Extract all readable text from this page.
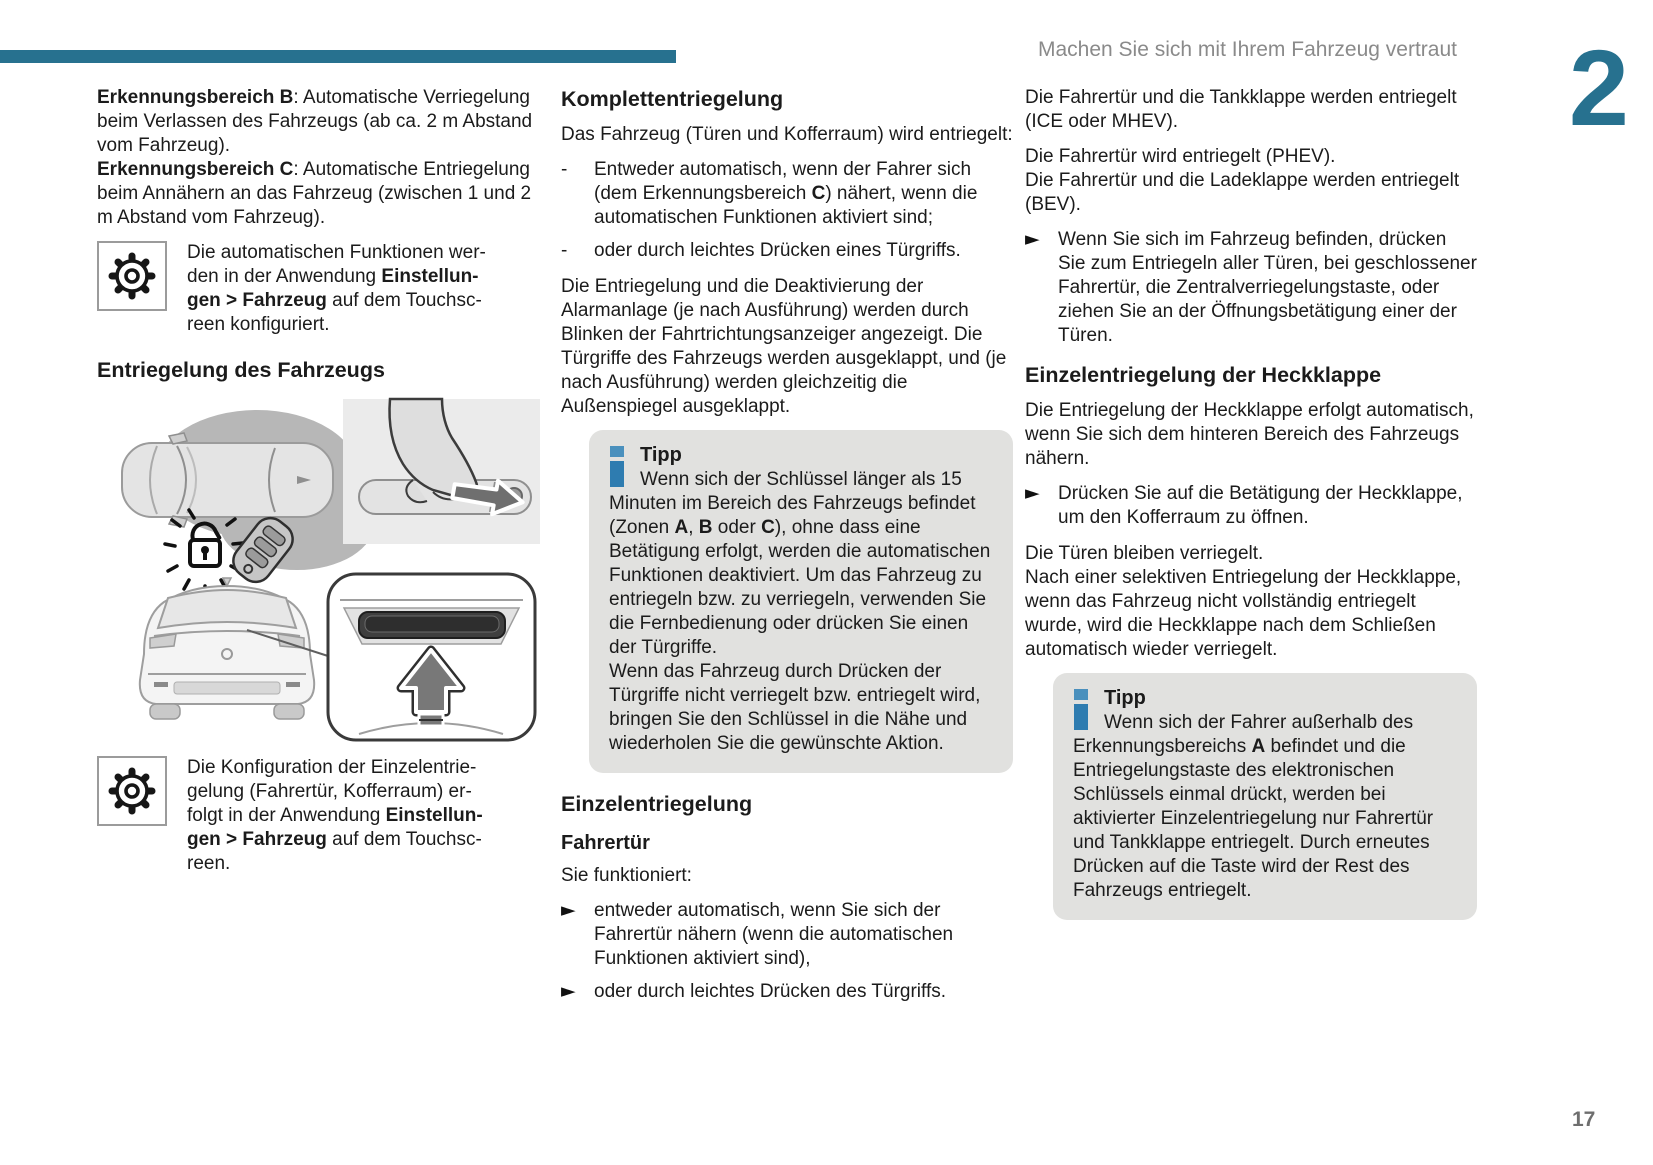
Machen Sie sich mit Ihrem Fahrzeug vertraut 2
17
Erkennungsbereich B: Automatische Verriegelung beim Verlassen des Fahrzeugs (ab ca. 2 m Abstand vom Fahrzeug).
Erkennungsbereich C: Automatische Entriegelung beim Annähern an das Fahrzeug (zwischen 1 und 2 m Abstand vom Fahrzeug).
Die automatischen Funktionen wer-
den in der Anwendung Einstellun-
gen > Fahrzeug auf dem Touchsc-
reen konfiguriert.
Entriegelung des Fahrzeugs
Die Konfiguration der Einzelentrie-
gelung (Fahrertür, Kofferraum) er-
folgt in der Anwendung Einstellun-
gen > Fahrzeug auf dem Touchsc-
reen.
Komplettentriegelung
Das Fahrzeug (Türen und Kofferraum) wird entriegelt:
-	Entweder automatisch, wenn der Fahrer sich (dem Erkennungsbereich C) nähert, wenn die automatischen Funktionen aktiviert sind;
-	oder durch leichtes Drücken eines Türgriffs.
Die Entriegelung und die Deaktivierung der Alarmanlage (je nach Ausführung) werden durch Blinken der Fahrtrichtungsanzeiger angezeigt. Die Türgriffe des Fahrzeugs werden ausgeklappt, und (je nach Ausführung) werden gleichzeitig die Außenspiegel ausgeklappt.
Tipp
Wenn sich der Schlüssel länger als 15 Minuten im Bereich des Fahrzeugs befindet (Zonen A, B oder C), ohne dass eine Betätigung erfolgt, werden die automatischen Funktionen deaktiviert. Um das Fahrzeug zu entriegeln bzw. zu verriegeln, verwenden Sie die Fernbedienung oder drücken Sie einen der Türgriffe.
Wenn das Fahrzeug durch Drücken der Türgriffe nicht verriegelt bzw. entriegelt wird, bringen Sie den Schlüssel in die Nähe und wiederholen Sie die gewünschte Aktion.
Einzelentriegelung
Fahrertür
Sie funktioniert:
► entweder automatisch, wenn Sie sich der Fahrertür nähern (wenn die automatischen Funktionen aktiviert sind),
► oder durch leichtes Drücken des Türgriffs.
Die Fahrertür und die Tankklappe werden entriegelt (ICE oder MHEV).
Die Fahrertür wird entriegelt (PHEV).
Die Fahrertür und die Ladeklappe werden entriegelt (BEV).
► Wenn Sie sich im Fahrzeug befinden, drücken Sie zum Entriegeln aller Türen, bei geschlossener Fahrertür, die Zentralverriegelungstaste, oder ziehen Sie an der Öffnungsbetätigung einer der Türen.
Einzelentriegelung der Heckklappe
Die Entriegelung der Heckklappe erfolgt automatisch, wenn Sie sich dem hinteren Bereich des Fahrzeugs nähern.
► Drücken Sie auf die Betätigung der Heckklappe, um den Kofferraum zu öffnen.
Die Türen bleiben verriegelt.
Nach einer selektiven Entriegelung der Heckklappe, wenn das Fahrzeug nicht vollständig entriegelt wurde, wird die Heckklappe nach dem Schließen automatisch wieder verriegelt.
Tipp
Wenn sich der Fahrer außerhalb des Erkennungsbereichs A befindet und die Entriegelungstaste des elektronischen Schlüssels einmal drückt, werden bei aktivierter Einzelentriegelung nur Fahrertür und Tankklappe entriegelt. Durch erneutes Drücken auf die Taste wird der Rest des Fahrzeugs entriegelt.
